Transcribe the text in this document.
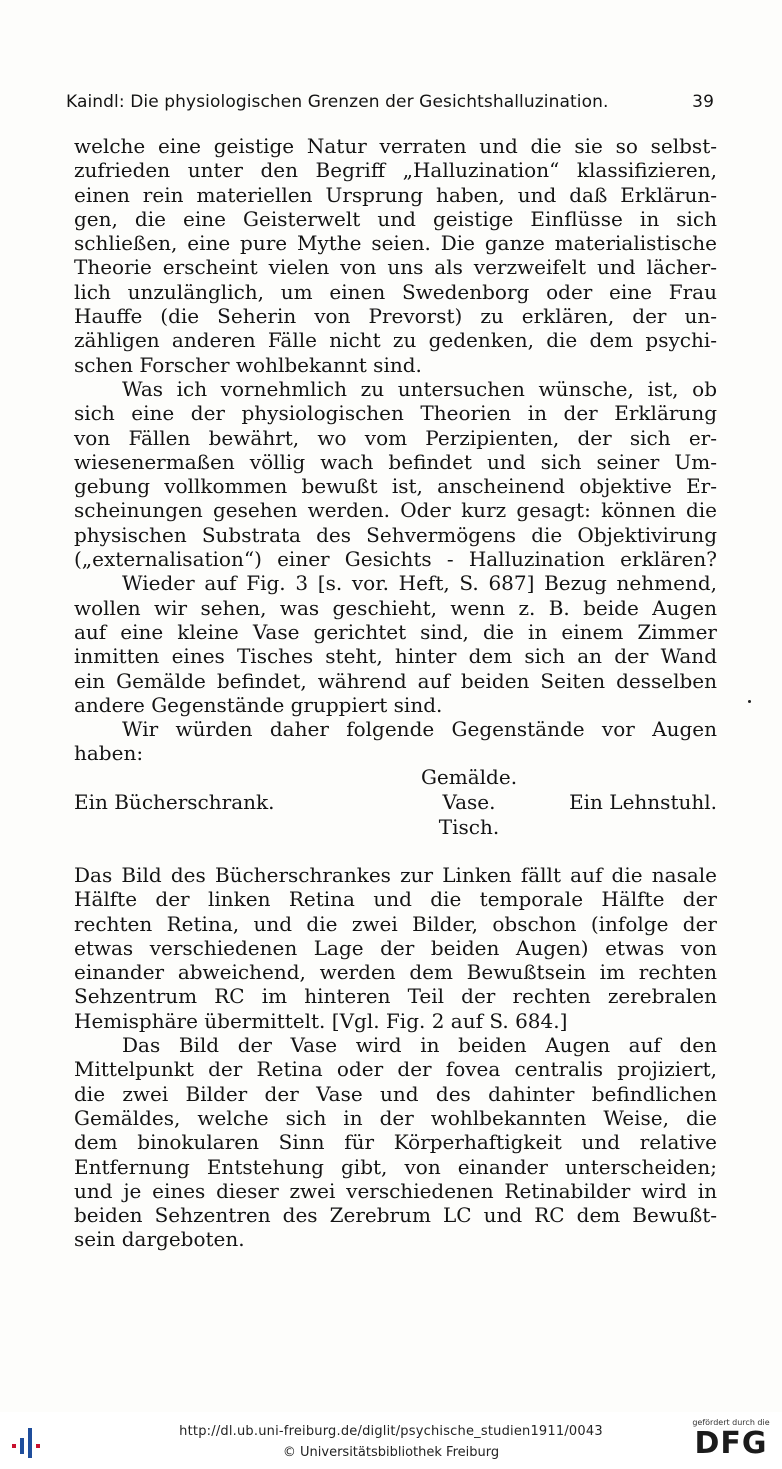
Kaindl: Die physiologischen Grenzen der Gesichtshalluzination.	39
welche eine geistige Natur verraten und die sie so selbst-
zufrieden unter den Begriff „Halluzination“ klassifizieren,
einen rein materiellen Ursprung haben, und daß Erklärun-
gen, die eine Geisterwelt und geistige Einflüsse in sich
schließen, eine pure Mythe seien. Die ganze materialistische
Theorie erscheint vielen von uns als verzweifelt und lächer-
lich unzulänglich, um einen Swedenborg oder eine Frau
Hauffe (die Seherin von Prevorst) zu erklären, der un-
zähligen anderen Fälle nicht zu gedenken, die dem psychi-
schen Forscher wohlbekannt sind.
Was ich vornehmlich zu untersuchen wünsche, ist, ob
sich eine der physiologischen Theorien in der Erklärung
von Fällen bewährt, wo vom Perzipienten, der sich er-
wiesenermaßen völlig wach befindet und sich seiner Um-
gebung vollkommen bewußt ist, anscheinend objektive Er-
scheinungen gesehen werden. Oder kurz gesagt: können die
physischen Substrata des Sehvermögens die Objektivirung
(„externalisation“) einer Gesichts - Halluzination erklären?
Wieder auf Fig. 3 [s. vor. Heft, S. 687] Bezug nehmend,
wollen wir sehen, was geschieht, wenn z. B. beide Augen
auf eine kleine Vase gerichtet sind, die in einem Zimmer
inmitten eines Tisches steht, hinter dem sich an der Wand
ein Gemälde befindet, während auf beiden Seiten desselben
andere Gegenstände gruppiert sind.
Wir würden daher folgende Gegenstände vor Augen
haben:
Gemälde.
Ein Bücherschrank.	Vase.	Ein Lehnstuhl.
Tisch.
Das Bild des Bücherschrankes zur Linken fällt auf die nasale
Hälfte der linken Retina und die temporale Hälfte der
rechten Retina, und die zwei Bilder, obschon (infolge der
etwas verschiedenen Lage der beiden Augen) etwas von
einander abweichend, werden dem Bewußtsein im rechten
Sehzentrum RC im hinteren Teil der rechten zerebralen
Hemisphäre übermittelt. [Vgl. Fig. 2 auf S. 684.]
Das Bild der Vase wird in beiden Augen auf den
Mittelpunkt der Retina oder der fovea centralis projiziert,
die zwei Bilder der Vase und des dahinter befindlichen
Gemäldes, welche sich in der wohlbekannten Weise, die
dem binokularen Sinn für Körperhaftigkeit und relative
Entfernung Entstehung gibt, von einander unterscheiden;
und je eines dieser zwei verschiedenen Retinabilder wird in
beiden Sehzentren des Zerebrum LC und RC dem Bewußt-
sein dargeboten.
http://dl.ub.uni-freiburg.de/diglit/psychische_studien1911/0043
© Universitätsbibliothek Freiburg
gefördert durch die
DFG
